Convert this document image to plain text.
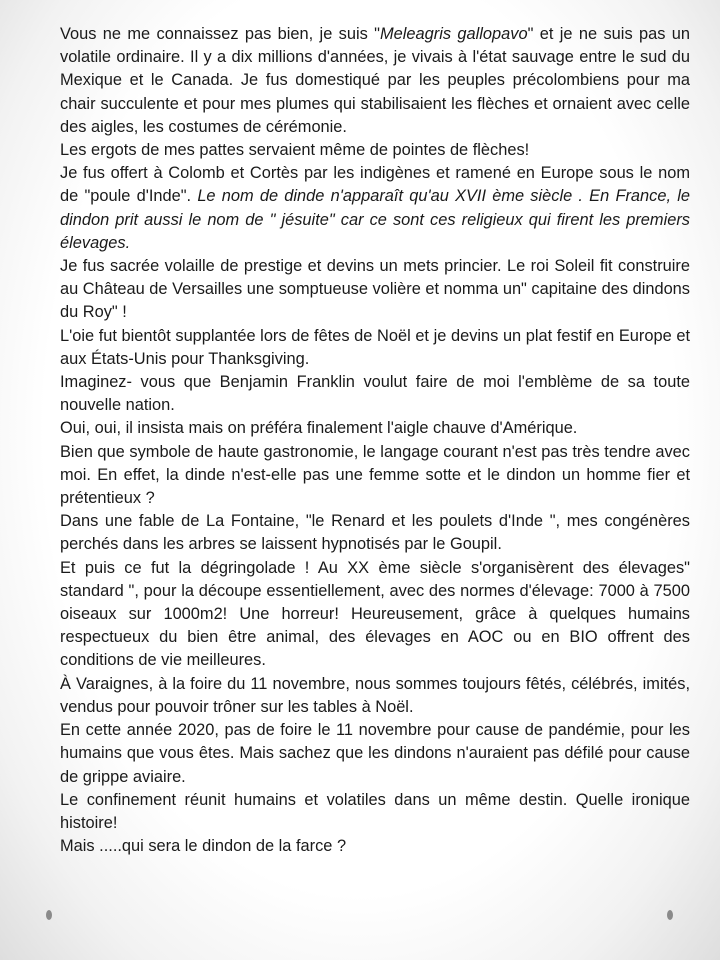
Vous ne me connaissez pas bien, je suis "Meleagris gallopavo" et je ne suis pas un volatile ordinaire. Il y a dix millions d'années, je vivais à l'état sauvage entre le sud du Mexique et le Canada. Je fus domestiqué par les peuples précolombiens pour ma chair succulente et pour mes plumes qui stabilisaient les flèches et ornaient avec celle des aigles, les costumes de cérémonie.

Les ergots de mes pattes servaient même de pointes de flèches!

Je fus offert à Colomb et Cortès par les indigènes et ramené en Europe sous le nom de "poule d'Inde". Le nom de dinde n'apparaît qu'au XVII ème siècle . En France, le dindon prit aussi le nom de " jésuite" car ce sont ces religieux qui firent les premiers élevages.

Je fus sacrée volaille de prestige et devins un mets princier. Le roi Soleil fit construire au Château de Versailles une somptueuse volière et nomma un" capitaine des dindons du Roy" !

L'oie fut bientôt supplantée lors de fêtes de Noël et je devins un plat festif en Europe et aux États-Unis pour Thanksgiving.

Imaginez- vous que Benjamin Franklin voulut faire de moi l'emblème de sa toute nouvelle nation.

Oui, oui, il insista mais on préféra finalement l'aigle chauve d'Amérique.

Bien que symbole de haute gastronomie, le langage courant n'est pas très tendre avec moi. En effet, la dinde n'est-elle pas une femme sotte et le dindon un homme fier et prétentieux ?

Dans une fable de La Fontaine, "le Renard et les poulets d'Inde ", mes congénères perchés dans les arbres se laissent hypnotisés par le Goupil.

Et puis ce fut la dégringolade ! Au XX ème siècle s'organisèrent des élevages" standard ", pour la découpe essentiellement, avec des normes d'élevage: 7000 à 7500 oiseaux sur 1000m2! Une horreur! Heureusement, grâce à quelques humains respectueux du bien être animal, des élevages en AOC ou en BIO offrent des conditions de vie meilleures.

À Varaignes, à la foire du 11 novembre, nous sommes toujours fêtés, célébrés, imités, vendus pour pouvoir trôner sur les tables à Noël.

En cette année 2020, pas de foire le 11 novembre pour cause de pandémie, pour les humains que vous êtes. Mais sachez que les dindons n'auraient pas défilé pour cause de grippe aviaire.

Le confinement réunit humains et volatiles dans un même destin. Quelle ironique histoire!

Mais .....qui sera le dindon de la farce ?
